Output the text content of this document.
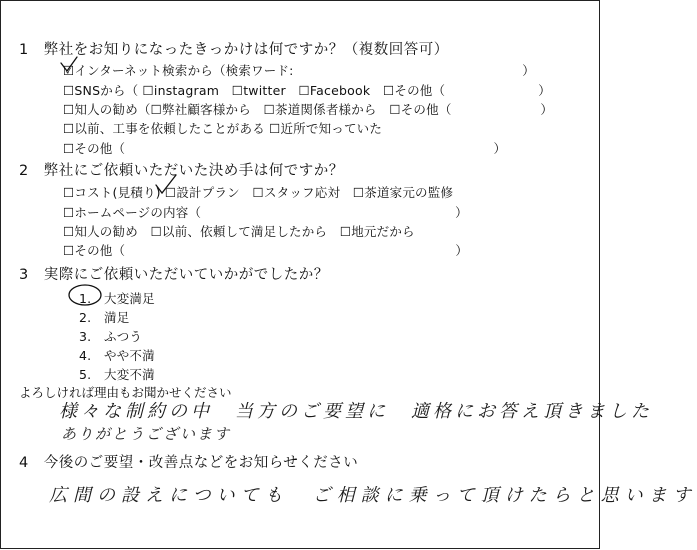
1　弊社をお知りになったきっかけは何ですか？（複数回答可）
☑インターネット検索から（検索ワード:　　　　　　　　　　　　　　　　　　）
☐SNSから（ ☐instagram　☐twitter　☐Facebook　☐その他（　　　　　　　 ）
☐知人の勧め（☐弊社顧客様から　☐茶道関係者様から　☐その他（　　　　　　　）
☐以前、工事を依頼したことがある ☐近所で知っていた
☐その他（　　　　　　　　　　　　　　　　　　　　　　　　　　　　　）
2　弊社にご依頼いただいた決め手は何ですか？
☐コスト(見積り) ☐設計プラン　☐スタッフ応対　☐茶道家元の監修
☐ホームページの内容（　　　　　　　　　　　　　　　　　　　　）
☐知人の勧め　☐以前、依頼して満足したから　☐地元だから
☐その他（　　　　　　　　　　　　　　　　　　　　　　　　　　）
3　実際にご依頼いただいていかがでしたか？
1.　大変満足
2.　満足
3.　ふつう
4.　やや不満
5.　大変不満
よろしければ理由もお聞かせください
様々な制約の中　当方のご要望に　適格にお答え頂きました
ありがとうございます
4　今後のご要望・改善点などをお知らせください
広間の設えについても　ご相談に乗って頂けたらと思います
